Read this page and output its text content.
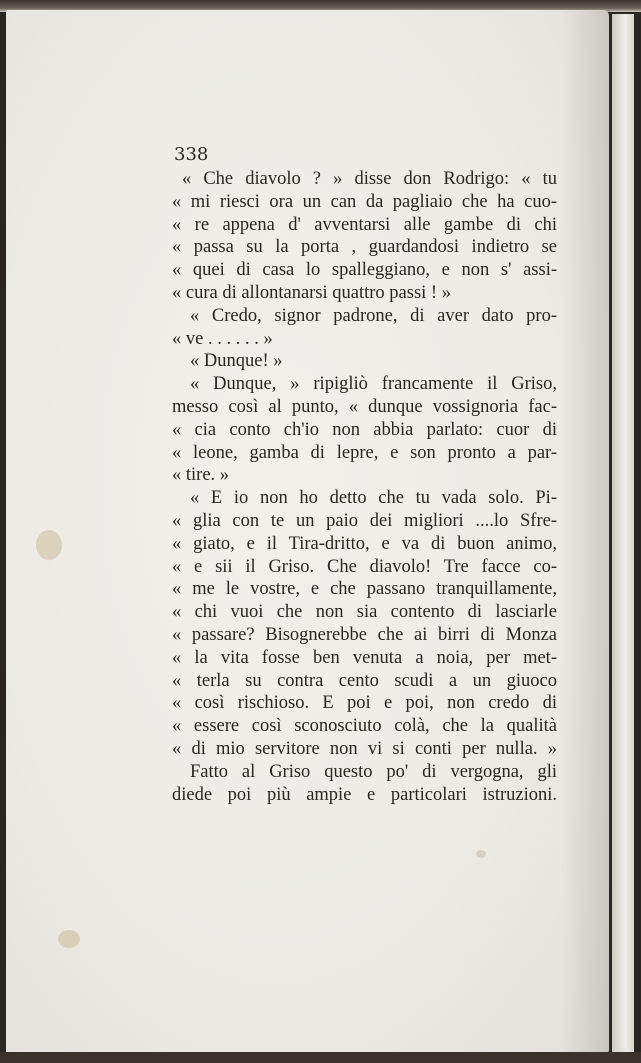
338

« Che diavolo ? » disse don Rodrigo: « tu
« mi riesci ora un can da pagliaio che ha cuo-
« re appena d' avventarsi alle gambe di chi
« passa su la porta , guardandosi indietro se
« quei di casa lo spalleggiano, e non s' assi-
« cura di allontanarsi quattro passi ! »
« Credo, signor padrone, di aver dato pro-
« ve . . . . . . »
« Dunque! »
« Dunque, » ripigliò francamente il Griso,
messo così al punto, « dunque vossignoria fac-
« cia conto ch'io non abbia parlato: cuor di
« leone, gamba di lepre, e son pronto a par-
« tire. »
« E io non ho detto che tu vada solo. Pi-
« glia con te un paio dei migliori ....lo Sfre-
« giato, e il Tira-dritto, e va di buon animo,
« e sii il Griso. Che diavolo! Tre facce co-
« me le vostre, e che passano tranquillamente,
« chi vuoi che non sia contento di lasciarle
« passare? Bisognerebbe che ai birri di Monza
« la vita fosse ben venuta a noia, per met-
« terla su contra cento scudi a un giuoco
« così rischioso. E poi e poi, non credo di
« essere così sconosciuto colà, che la qualità
« di mio servitore non vi si conti per nulla. »
Fatto al Griso questo po' di vergogna, gli
diede poi più ampie e particolari istruzioni.
